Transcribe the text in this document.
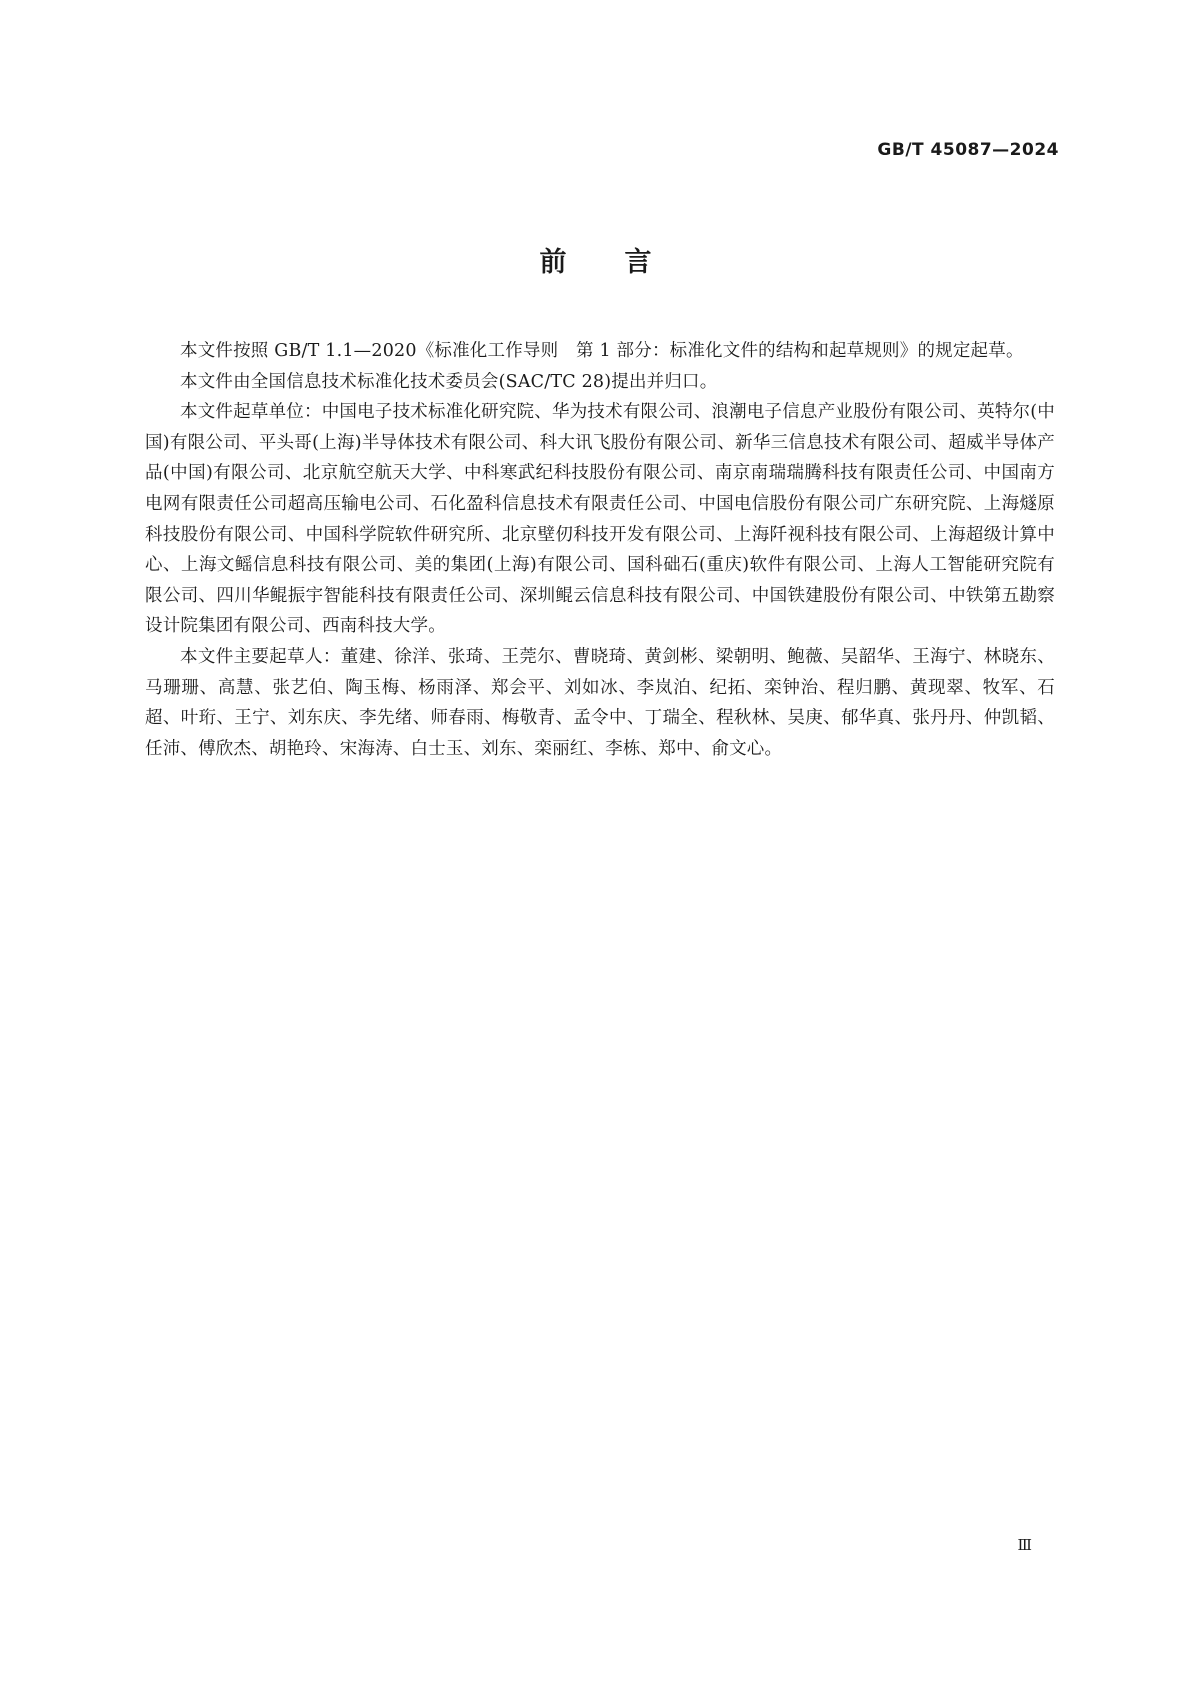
GB/T 45087—2024

前言

本文件按照 GB/T 1.1—2020《标准化工作导则　第 1 部分：标准化文件的结构和起草规则》的规定起草。

本文件由全国信息技术标准化技术委员会(SAC/TC 28)提出并归口。

本文件起草单位：中国电子技术标准化研究院、华为技术有限公司、浪潮电子信息产业股份有限公司、英特尔(中国)有限公司、平头哥(上海)半导体技术有限公司、科大讯飞股份有限公司、新华三信息技术有限公司、超威半导体产品(中国)有限公司、北京航空航天大学、中科寒武纪科技股份有限公司、南京南瑞瑞腾科技有限责任公司、中国南方电网有限责任公司超高压输电公司、石化盈科信息技术有限责任公司、中国电信股份有限公司广东研究院、上海燧原科技股份有限公司、中国科学院软件研究所、北京壁仞科技开发有限公司、上海阡视科技有限公司、上海超级计算中心、上海文鳐信息科技有限公司、美的集团(上海)有限公司、国科础石(重庆)软件有限公司、上海人工智能研究院有限公司、四川华鲲振宇智能科技有限责任公司、深圳鲲云信息科技有限公司、中国铁建股份有限公司、中铁第五勘察设计院集团有限公司、西南科技大学。

本文件主要起草人：董建、徐洋、张琦、王莞尔、曹晓琦、黄剑彬、梁朝明、鲍薇、吴韶华、王海宁、林晓东、马珊珊、高慧、张艺伯、陶玉梅、杨雨泽、郑会平、刘如冰、李岚泊、纪拓、栾钟治、程归鹏、黄现翠、牧军、石超、叶珩、王宁、刘东庆、李先绪、师春雨、梅敬青、孟令中、丁瑞全、程秋林、吴庚、郁华真、张丹丹、仲凯韬、任沛、傅欣杰、胡艳玲、宋海涛、白士玉、刘东、栾丽红、李栋、郑中、俞文心。

Ⅲ
